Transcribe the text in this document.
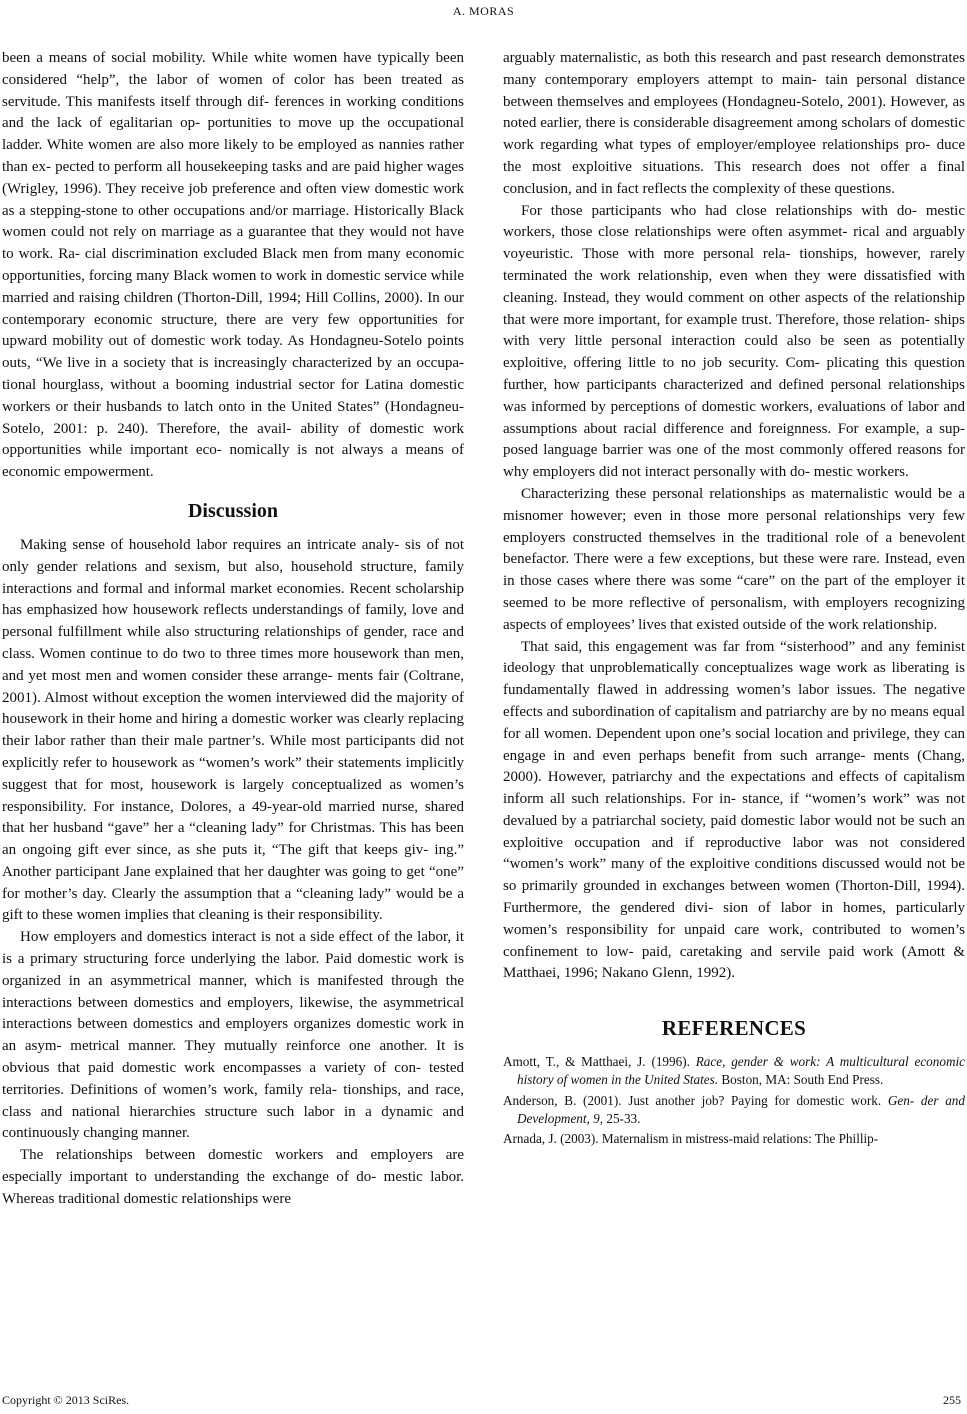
A. MORAS

been a means of social mobility. While white women have typically been considered “help”, the labor of women of color has been treated as servitude. This manifests itself through dif- ferences in working conditions and the lack of egalitarian op- portunities to move up the occupational ladder. White women are also more likely to be employed as nannies rather than ex- pected to perform all housekeeping tasks and are paid higher wages (Wrigley, 1996). They receive job preference and often view domestic work as a stepping-stone to other occupations and/or marriage. Historically Black women could not rely on marriage as a guarantee that they would not have to work. Ra- cial discrimination excluded Black men from many economic opportunities, forcing many Black women to work in domestic service while married and raising children (Thorton-Dill, 1994; Hill Collins, 2000). In our contemporary economic structure, there are very few opportunities for upward mobility out of domestic work today. As Hondagneu-Sotelo points outs, “We live in a society that is increasingly characterized by an occupa- tional hourglass, without a booming industrial sector for Latina domestic workers or their husbands to latch onto in the United States” (Hondagneu-Sotelo, 2001: p. 240). Therefore, the avail- ability of domestic work opportunities while important eco- nomically is not always a means of economic empowerment.

Discussion

Making sense of household labor requires an intricate analy- sis of not only gender relations and sexism, but also, household structure, family interactions and formal and informal market economies. Recent scholarship has emphasized how housework reflects understandings of family, love and personal fulfillment while also structuring relationships of gender, race and class. Women continue to do two to three times more housework than men, and yet most men and women consider these arrange- ments fair (Coltrane, 2001). Almost without exception the women interviewed did the majority of housework in their home and hiring a domestic worker was clearly replacing their labor rather than their male partner’s. While most participants did not explicitly refer to housework as “women’s work” their statements implicitly suggest that for most, housework is largely conceptualized as women’s responsibility. For instance, Dolores, a 49-year-old married nurse, shared that her husband “gave” her a “cleaning lady” for Christmas. This has been an ongoing gift ever since, as she puts it, “The gift that keeps giv- ing.” Another participant Jane explained that her daughter was going to get “one” for mother’s day. Clearly the assumption that a “cleaning lady” would be a gift to these women implies that cleaning is their responsibility.

How employers and domestics interact is not a side effect of the labor, it is a primary structuring force underlying the labor. Paid domestic work is organized in an asymmetrical manner, which is manifested through the interactions between domestics and employers, likewise, the asymmetrical interactions between domestics and employers organizes domestic work in an asym- metrical manner. They mutually reinforce one another. It is obvious that paid domestic work encompasses a variety of con- tested territories. Definitions of women’s work, family rela- tionships, and race, class and national hierarchies structure such labor in a dynamic and continuously changing manner.

The relationships between domestic workers and employers are especially important to understanding the exchange of do- mestic labor. Whereas traditional domestic relationships were

arguably maternalistic, as both this research and past research demonstrates many contemporary employers attempt to main- tain personal distance between themselves and employees (Hondagneu-Sotelo, 2001). However, as noted earlier, there is considerable disagreement among scholars of domestic work regarding what types of employer/employee relationships pro- duce the most exploitive situations. This research does not offer a final conclusion, and in fact reflects the complexity of these questions.

For those participants who had close relationships with do- mestic workers, those close relationships were often asymmet- rical and arguably voyeuristic. Those with more personal rela- tionships, however, rarely terminated the work relationship, even when they were dissatisfied with cleaning. Instead, they would comment on other aspects of the relationship that were more important, for example trust. Therefore, those relation- ships with very little personal interaction could also be seen as potentially exploitive, offering little to no job security. Com- plicating this question further, how participants characterized and defined personal relationships was informed by perceptions of domestic workers, evaluations of labor and assumptions about racial difference and foreignness. For example, a sup- posed language barrier was one of the most commonly offered reasons for why employers did not interact personally with do- mestic workers.

Characterizing these personal relationships as maternalistic would be a misnomer however; even in those more personal relationships very few employers constructed themselves in the traditional role of a benevolent benefactor. There were a few exceptions, but these were rare. Instead, even in those cases where there was some “care” on the part of the employer it seemed to be more reflective of personalism, with employers recognizing aspects of employees’ lives that existed outside of the work relationship.

That said, this engagement was far from “sisterhood” and any feminist ideology that unproblematically conceptualizes wage work as liberating is fundamentally flawed in addressing women’s labor issues. The negative effects and subordination of capitalism and patriarchy are by no means equal for all women. Dependent upon one’s social location and privilege, they can engage in and even perhaps benefit from such arrange- ments (Chang, 2000). However, patriarchy and the expectations and effects of capitalism inform all such relationships. For in- stance, if “women’s work” was not devalued by a patriarchal society, paid domestic labor would not be such an exploitive occupation and if reproductive labor was not considered “women’s work” many of the exploitive conditions discussed would not be so primarily grounded in exchanges between women (Thorton-Dill, 1994). Furthermore, the gendered divi- sion of labor in homes, particularly women’s responsibility for unpaid care work, contributed to women’s confinement to low- paid, caretaking and servile paid work (Amott & Matthaei, 1996; Nakano Glenn, 1992).

REFERENCES
Amott, T., & Matthaei, J. (1996). Race, gender & work: A multicultural economic history of women in the United States. Boston, MA: South End Press.
Anderson, B. (2001). Just another job? Paying for domestic work. Gen- der and Development, 9, 25-33.
Arnada, J. (2003). Maternalism in mistress-maid relations: The Phillip-
Copyright © 2013 SciRes.	255
